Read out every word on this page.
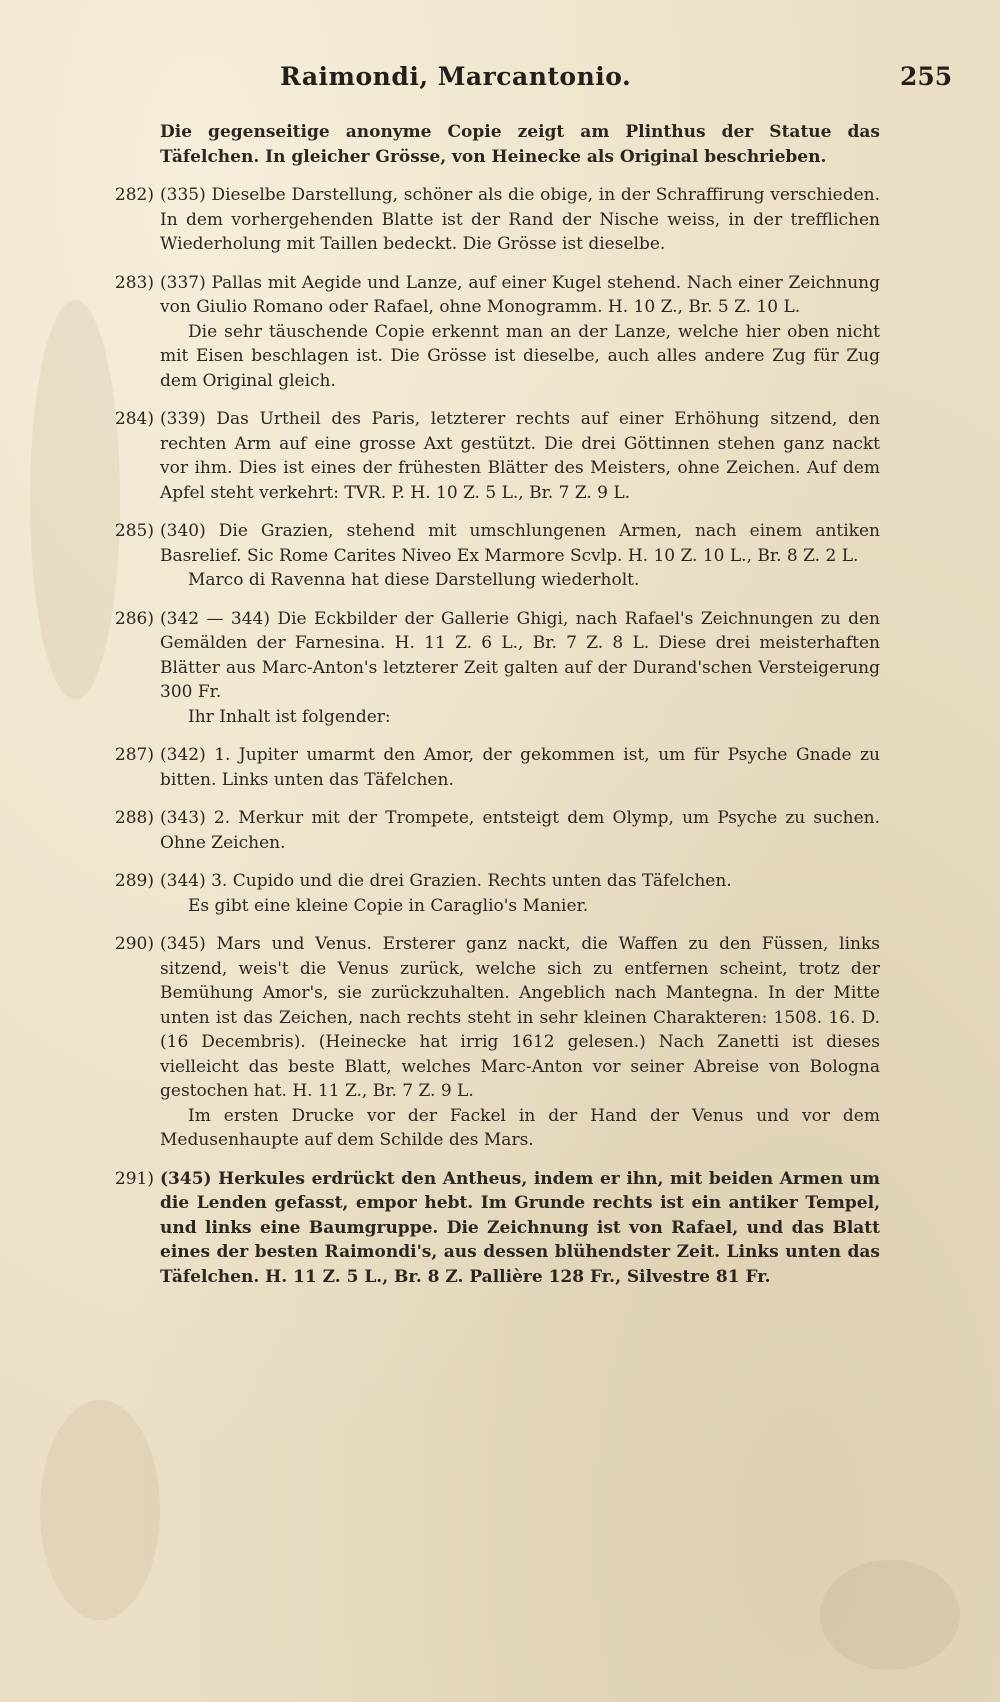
Raimondi, Marcantonio.	255

Die gegenseitige anonyme Copie zeigt am Plinthus der Statue das Täfelchen. In gleicher Grösse, von Heinecke als Original beschrieben.

282) (335) Dieselbe Darstellung, schöner als die obige, in der Schraffirung verschieden. In dem vorhergehenden Blatte ist der Rand der Nische weiss, in der trefflichen Wiederholung mit Taillen bedeckt. Die Grösse ist dieselbe.

283) (337) Pallas mit Aegide und Lanze, auf einer Kugel stehend. Nach einer Zeichnung von Giulio Romano oder Rafael, ohne Monogramm. H. 10 Z., Br. 5 Z. 10 L.

Die sehr täuschende Copie erkennt man an der Lanze, welche hier oben nicht mit Eisen beschlagen ist. Die Grösse ist dieselbe, auch alles andere Zug für Zug dem Original gleich.

284) (339) Das Urtheil des Paris, letzterer rechts auf einer Erhöhung sitzend, den rechten Arm auf eine grosse Axt gestützt. Die drei Göttinnen stehen ganz nackt vor ihm. Dies ist eines der frühesten Blätter des Meisters, ohne Zeichen. Auf dem Apfel steht verkehrt: TVR. P. H. 10 Z. 5 L., Br. 7 Z. 9 L.

285) (340) Die Grazien, stehend mit umschlungenen Armen, nach einem antiken Basrelief. Sic Rome Carites Niveo Ex Marmore Scvlp. H. 10 Z. 10 L., Br. 8 Z. 2 L.

Marco di Ravenna hat diese Darstellung wiederholt.

286) (342 — 344) Die Eckbilder der Gallerie Ghigi, nach Rafael's Zeichnungen zu den Gemälden der Farnesina. H. 11 Z. 6 L., Br. 7 Z. 8 L. Diese drei meisterhaften Blätter aus Marc-Anton's letzterer Zeit galten auf der Durand'schen Versteigerung 300 Fr.

Ihr Inhalt ist folgender:

287) (342) 1. Jupiter umarmt den Amor, der gekommen ist, um für Psyche Gnade zu bitten. Links unten das Täfelchen.

288) (343) 2. Merkur mit der Trompete, entsteigt dem Olymp, um Psyche zu suchen. Ohne Zeichen.

289) (344) 3. Cupido und die drei Grazien. Rechts unten das Täfelchen.

Es gibt eine kleine Copie in Caraglio's Manier.

290) (345) Mars und Venus. Ersterer ganz nackt, die Waffen zu den Füssen, links sitzend, weis't die Venus zurück, welche sich zu entfernen scheint, trotz der Bemühung Amor's, sie zurückzuhalten. Angeblich nach Mantegna. In der Mitte unten ist das Zeichen, nach rechts steht in sehr kleinen Charakteren: 1508. 16. D. (16 Decembris). (Heinecke hat irrig 1612 gelesen.) Nach Zanetti ist dieses vielleicht das beste Blatt, welches Marc-Anton vor seiner Abreise von Bologna gestochen hat. H. 11 Z., Br. 7 Z. 9 L.

Im ersten Drucke vor der Fackel in der Hand der Venus und vor dem Medusenhaupte auf dem Schilde des Mars.

291) (345) Herkules erdrückt den Antheus, indem er ihn, mit beiden Armen um die Lenden gefasst, empor hebt. Im Grunde rechts ist ein antiker Tempel, und links eine Baumgruppe. Die Zeichnung ist von Rafael, und das Blatt eines der besten Raimondi's, aus dessen blühendster Zeit. Links unten das Täfelchen. H. 11 Z. 5 L., Br. 8 Z. Pallière 128 Fr., Silvestre 81 Fr.
